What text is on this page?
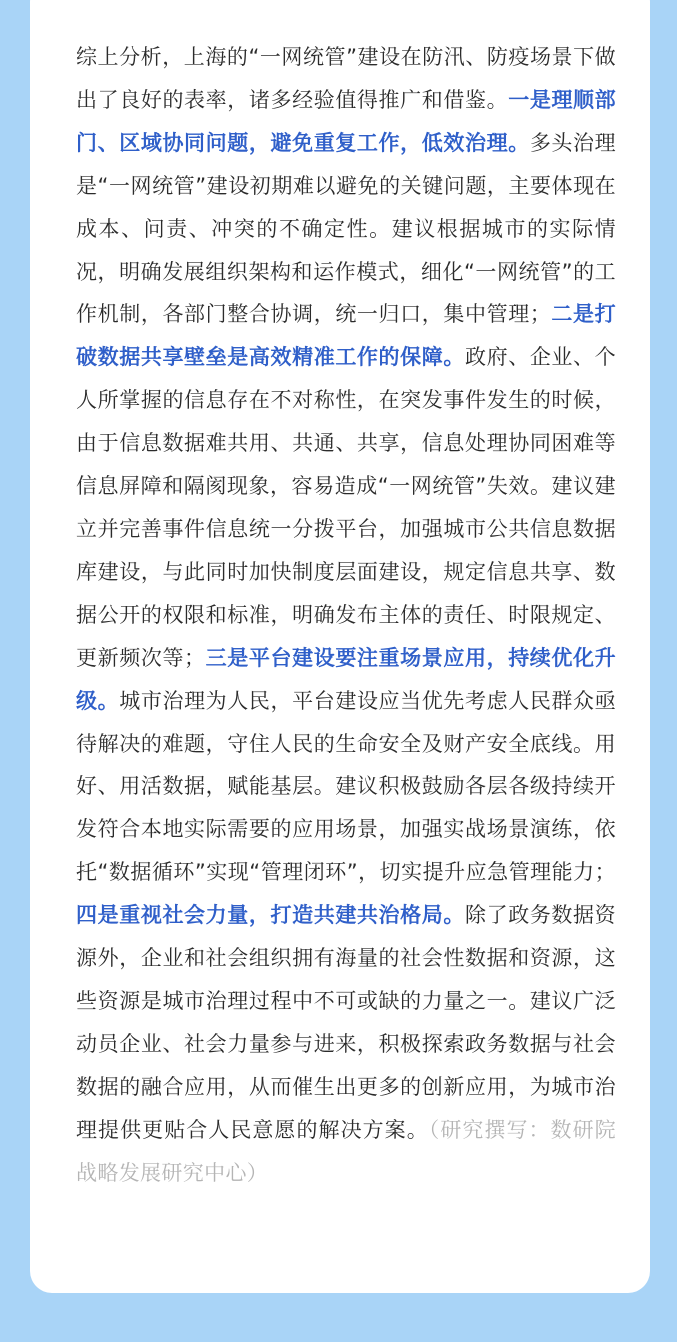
综上分析，上海的“一网统管”建设在防汛、防疫场景下做出了良好的表率，诸多经验值得推广和借鉴。一是理顺部门、区域协同问题，避免重复工作，低效治理。多头治理是“一网统管”建设初期难以避免的关键问题，主要体现在成本、问责、冲突的不确定性。建议根据城市的实际情况，明确发展组织架构和运作模式，细化“一网统管”的工作机制，各部门整合协调，统一归口，集中管理；二是打破数据共享壁垒是高效精准工作的保障。政府、企业、个人所掌握的信息存在不对称性，在突发事件发生的时候，由于信息数据难共用、共通、共享，信息处理协同困难等信息屏障和隔阂现象，容易造成“一网统管”失效。建议建立并完善事件信息统一分拨平台，加强城市公共信息数据库建设，与此同时加快制度层面建设，规定信息共享、数据公开的权限和标准，明确发布主体的责任、时限规定、更新频次等；三是平台建设要注重场景应用，持续优化升级。城市治理为人民，平台建设应当优先考虑人民群众亟待解决的难题，守住人民的生命安全及财产安全底线。用好、用活数据，赋能基层。建议积极鼓励各层各级持续开发符合本地实际需要的应用场景，加强实战场景演练，依托“数据循环”实现“管理闭环”，切实提升应急管理能力；四是重视社会力量，打造共建共治格局。除了政务数据资源外，企业和社会组织拥有海量的社会性数据和资源，这些资源是城市治理过程中不可或缺的力量之一。建议广泛动员企业、社会力量参与进来，积极探索政务数据与社会数据的融合应用，从而催生出更多的创新应用，为城市治理提供更贴合人民意愿的解决方案。（研究撰写：数研院战略发展研究中心）
